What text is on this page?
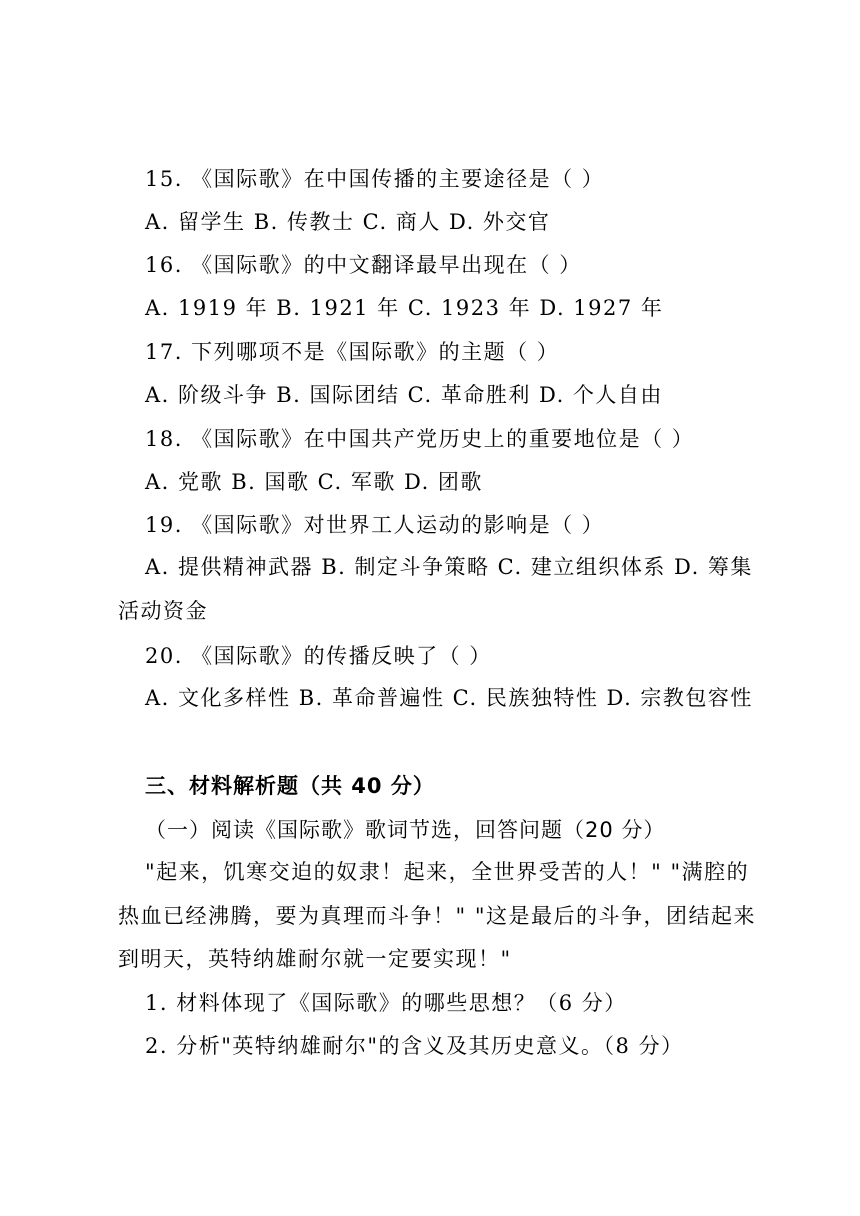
15. 《国际歌》在中国传播的主要途径是（ ）
A. 留学生 B. 传教士 C. 商人 D. 外交官
16. 《国际歌》的中文翻译最早出现在（ ）
A. 1919 年 B. 1921 年 C. 1923 年 D. 1927 年
17. 下列哪项不是《国际歌》的主题（ ）
A. 阶级斗争 B. 国际团结 C. 革命胜利 D. 个人自由
18. 《国际歌》在中国共产党历史上的重要地位是（ ）
A. 党歌 B. 国歌 C. 军歌 D. 团歌
19. 《国际歌》对世界工人运动的影响是（ ）
A. 提供精神武器 B. 制定斗争策略 C. 建立组织体系 D. 筹集活动资金
20. 《国际歌》的传播反映了（ ）
A. 文化多样性 B. 革命普遍性 C. 民族独特性 D. 宗教包容性
三、材料解析题（共 40 分）
（一）阅读《国际歌》歌词节选，回答问题（20 分）
"起来，饥寒交迫的奴隶！起来，全世界受苦的人！" "满腔的热血已经沸腾，要为真理而斗争！" "这是最后的斗争，团结起来到明天，英特纳雄耐尔就一定要实现！"
1. 材料体现了《国际歌》的哪些思想？（6 分）
2. 分析"英特纳雄耐尔"的含义及其历史意义。（8 分）
